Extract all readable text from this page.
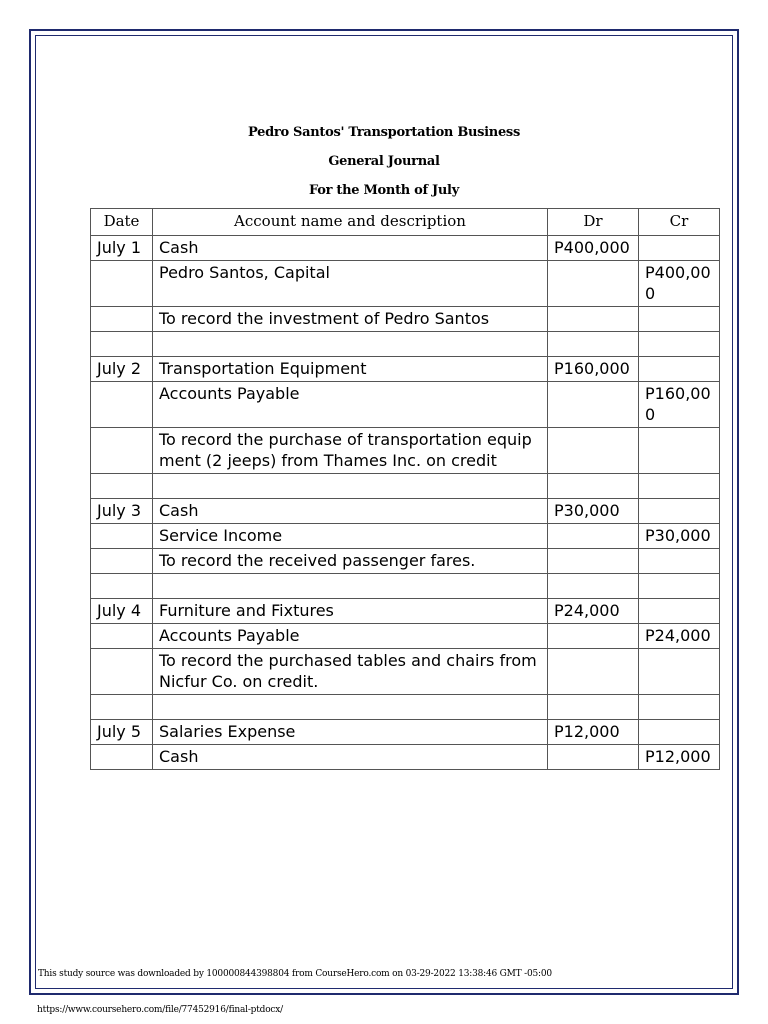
Pedro Santos' Transportation Business
General Journal
For the Month of July
Date	Account name and description	Dr	Cr
July 1	Cash	P400,000	
	Pedro Santos, Capital		P400,000
	To record the investment of Pedro Santos		

July 2	Transportation Equipment	P160,000	
	Accounts Payable		P160,000
	To record the purchase of transportation equipment (2 jeeps) from Thames Inc. on credit		

July 3	Cash	P30,000	
	Service Income		P30,000
	To record the received passenger fares.		

July 4	Furniture and Fixtures	P24,000	
	Accounts Payable		P24,000
	To record the purchased tables and chairs from Nicfur Co. on credit.		

July 5	Salaries Expense	P12,000	
	Cash		P12,000
This study source was downloaded by 100000844398804 from CourseHero.com on 03-29-2022 13:38:46 GMT -05:00
https://www.coursehero.com/file/77452916/final-ptdocx/
